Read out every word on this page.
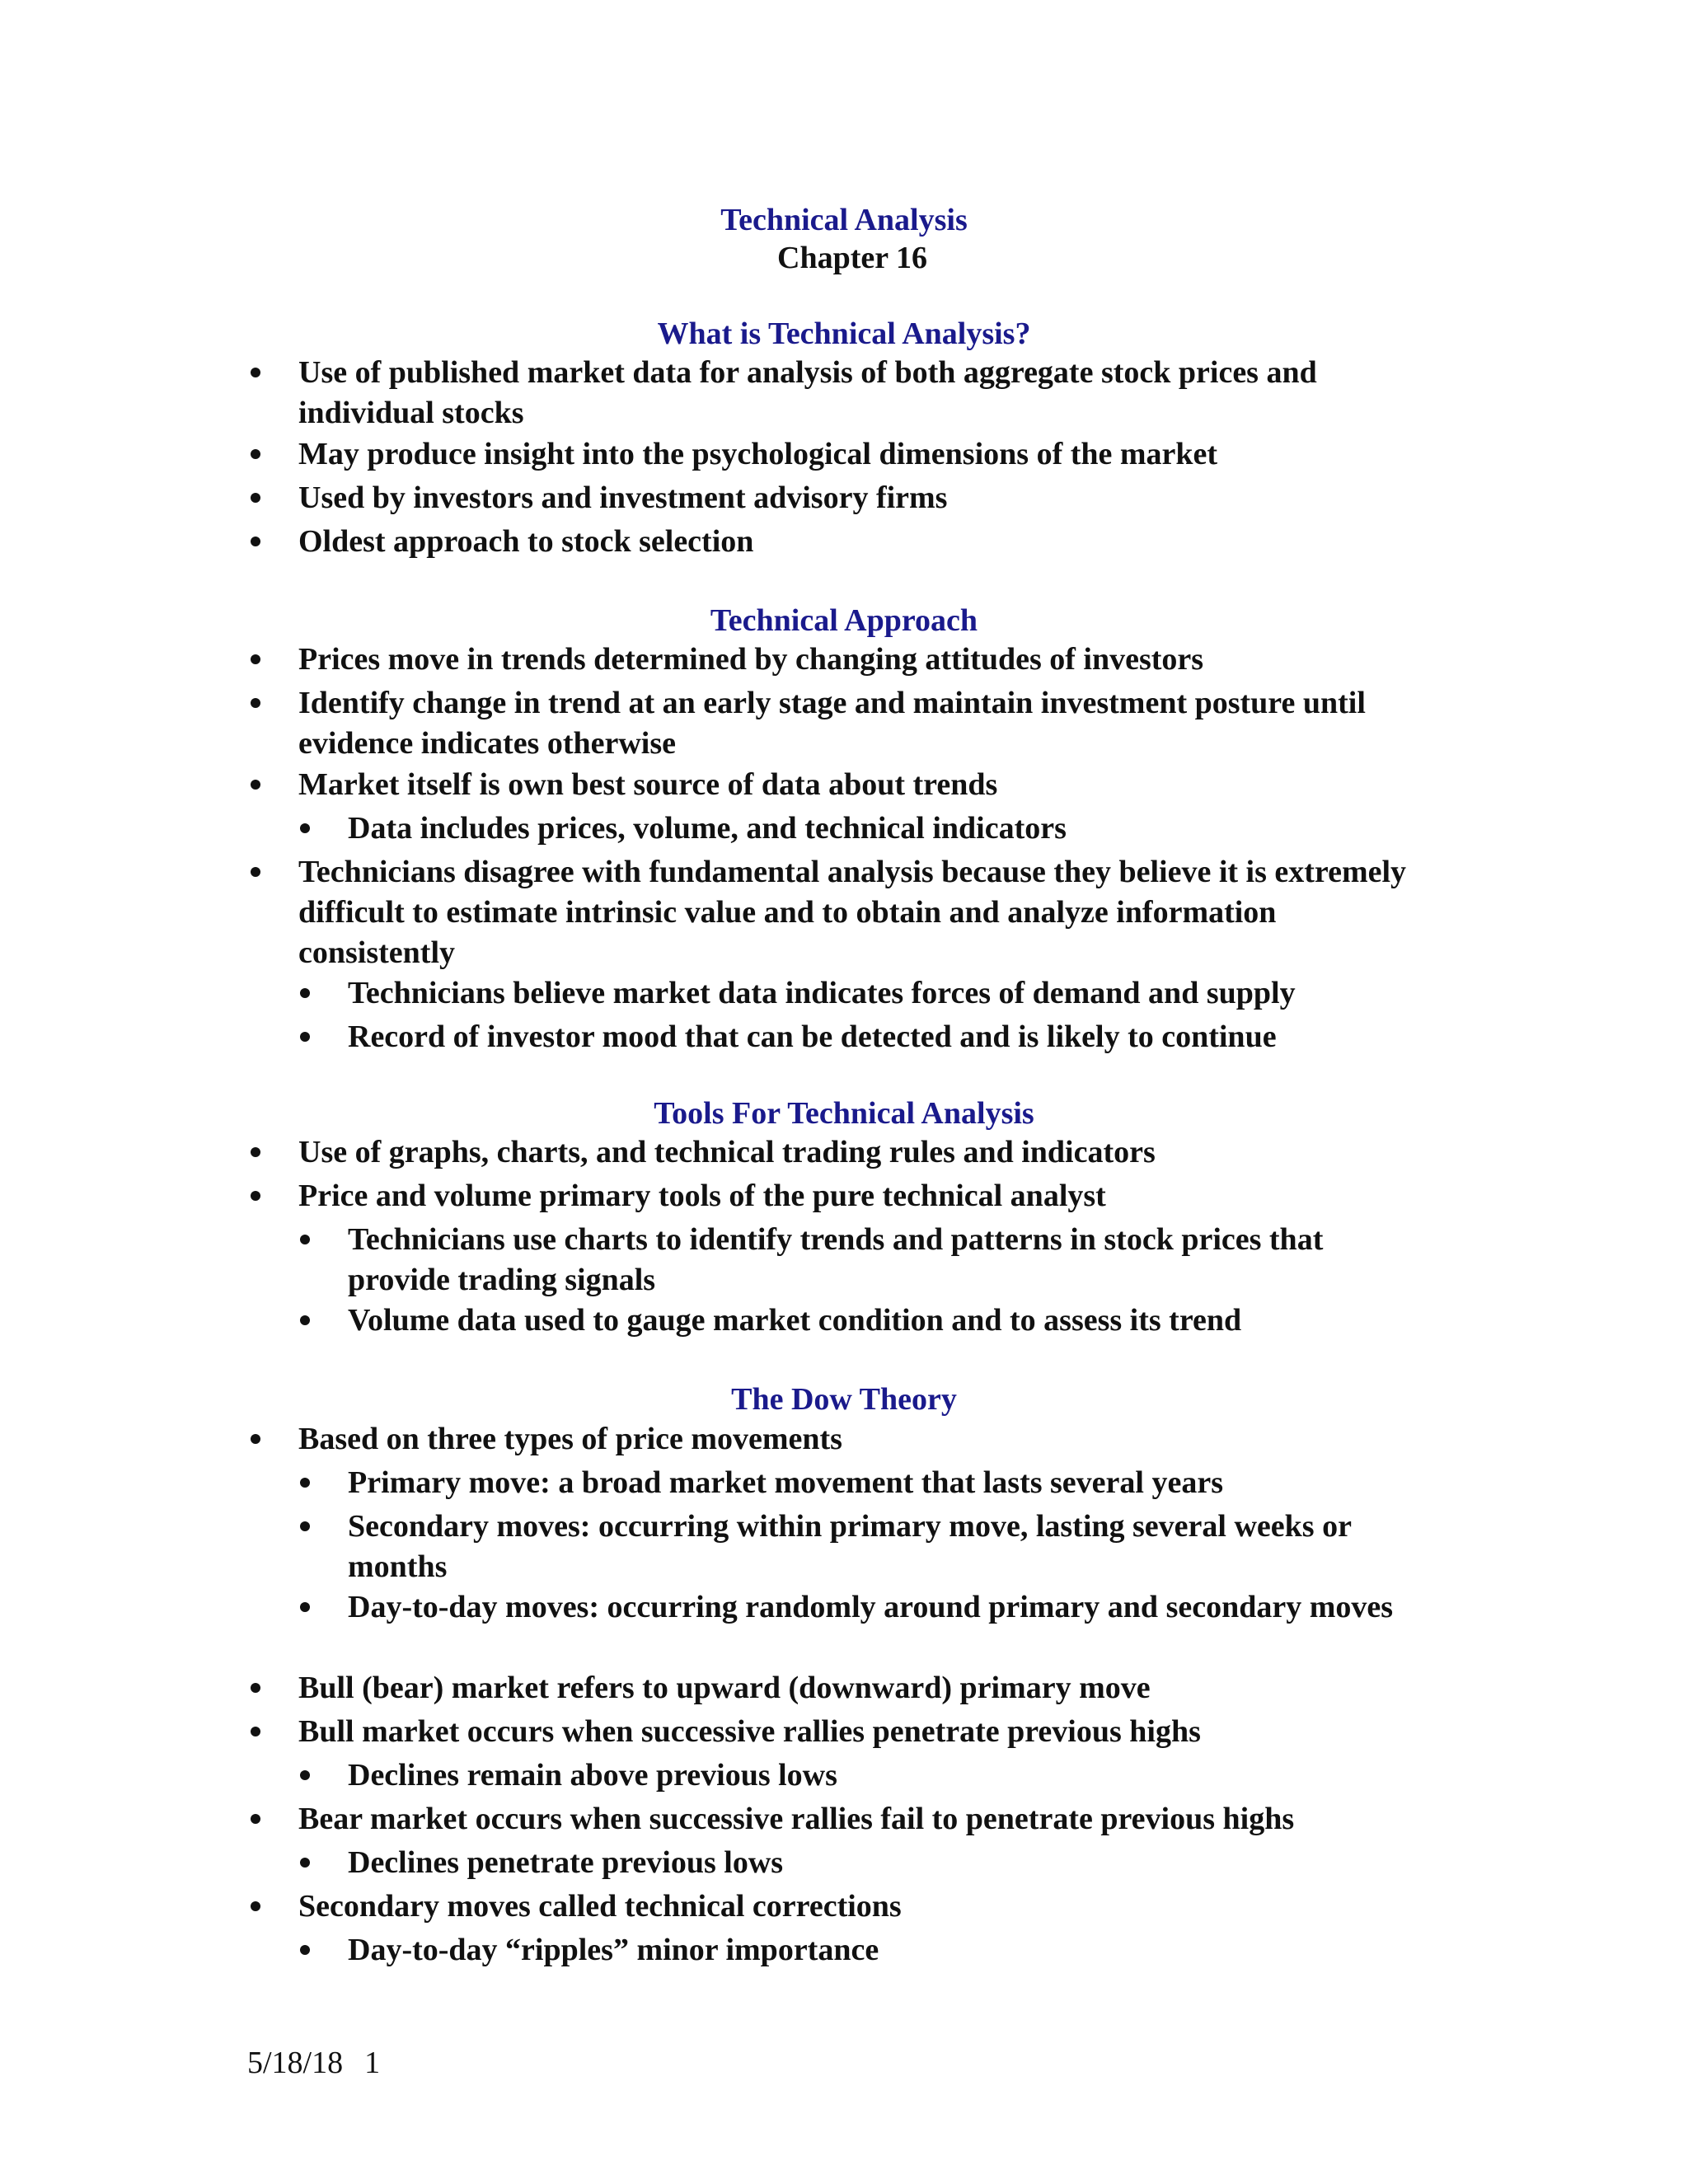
Technical Analysis
Chapter 16
What is Technical Analysis?
Use of published market data for analysis of both aggregate stock prices and individual stocks
May produce insight into the psychological dimensions of the market
Used by investors and investment advisory firms
Oldest approach to stock selection
Technical Approach
Prices move in trends determined by changing attitudes of investors
Identify change in trend at an early stage and maintain investment posture until evidence indicates otherwise
Market itself is own best source of data about trends
Data includes prices, volume, and technical indicators
Technicians disagree with fundamental analysis because they believe it is extremely difficult to estimate intrinsic value and to obtain and analyze information consistently
Technicians believe market data indicates forces of demand and supply
Record of investor mood that can be detected and is likely to continue
Tools For Technical Analysis
Use of graphs, charts, and technical trading rules and indicators
Price and volume primary tools of the pure technical analyst
Technicians use charts to identify trends and patterns in stock prices that provide trading signals
Volume data used to gauge market condition and to assess its trend
The Dow Theory
Based on three types of price movements
Primary move: a broad market movement that lasts several years
Secondary moves: occurring within primary move, lasting several weeks or months
Day-to-day moves: occurring randomly around primary and secondary moves
Bull (bear) market refers to upward (downward) primary move
Bull market occurs when successive rallies penetrate previous highs
Declines remain above previous lows
Bear market occurs when successive rallies fail to penetrate previous highs
Declines penetrate previous lows
Secondary moves called technical corrections
Day-to-day “ripples” minor importance
5/18/18 1
